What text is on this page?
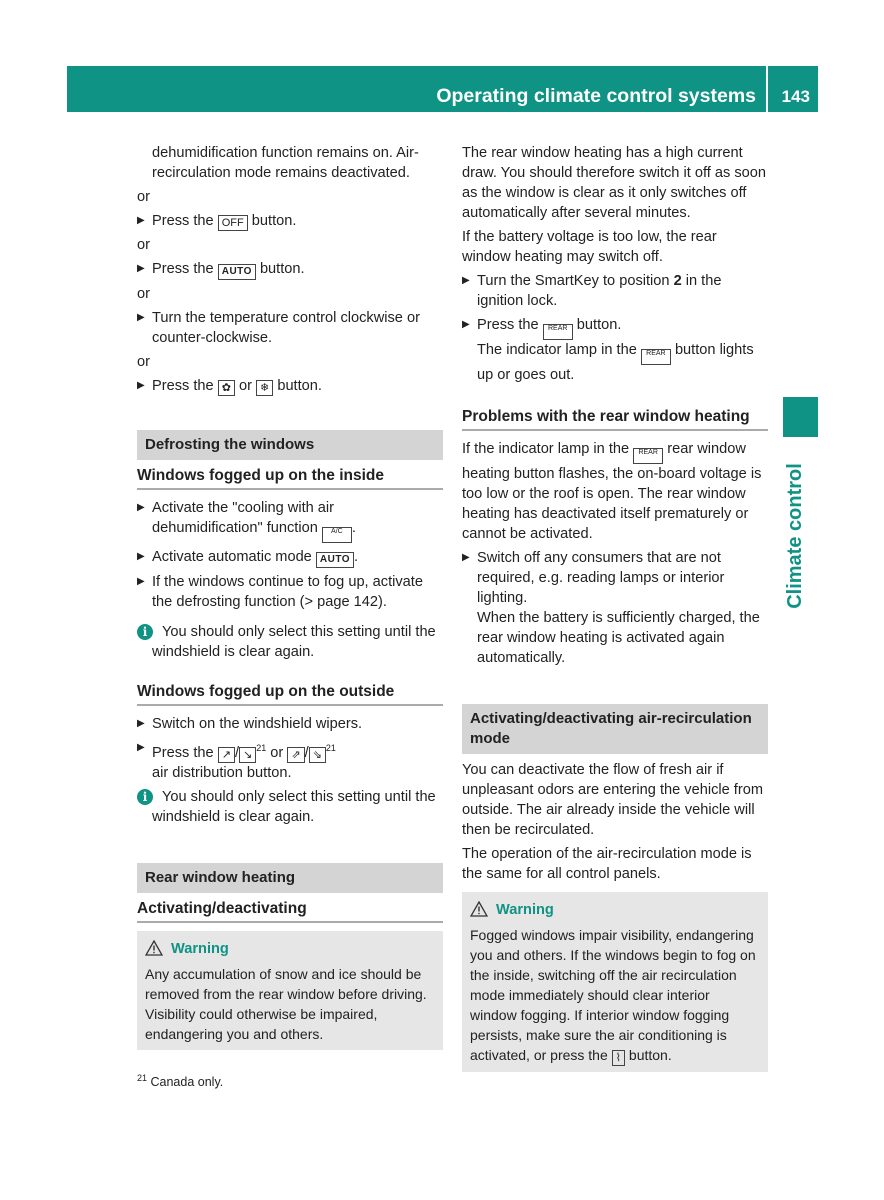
Operating climate control systems 143
Climate control

dehumidification function remains on. Air-recirculation mode remains deactivated.

or

▶ Press the OFF button.

or

▶ Press the AUTO button.

or

▶ Turn the temperature control clockwise or counter-clockwise.

or

▶ Press the ✿ or ❄ button.
Defrosting the windows
Windows fogged up on the inside
▶ Activate the "cooling with air dehumidification" function A/C .
▶ Activate automatic mode AUTO .
▶ If the windows continue to fog up, activate the defrosting function (> page 142).
i	You should only select this setting until the windshield is clear again.
Windows fogged up on the outside
▶ Switch on the windshield wipers.
▶ Press the ↗ / ↘$^{21}$ or ⇗ / ⇘$^{21}$
air distribution button.
i	You should only select this setting until the windshield is clear again.
Rear window heating
Activating/deactivating
Warning
Any accumulation of snow and ice should be removed from the rear window before driving. Visibility could otherwise be impaired, endangering you and others.
$^{21}$ Canada only.

The rear window heating has a high current draw. You should therefore switch it off as soon as the window is clear as it only switches off automatically after several minutes.

If the battery voltage is too low, the rear window heating may switch off.

▶ Turn the SmartKey to position 2 in the ignition lock.
▶ Press the REAR button.
The indicator lamp in the REAR button lights up or goes out.
Problems with the rear window heating

If the indicator lamp in the REAR rear window heating button flashes, the on-board voltage is too low or the roof is open. The rear window heating has deactivated itself prematurely or cannot be activated.

▶ Switch off any consumers that are not required, e.g. reading lamps or interior lighting.
When the battery is sufficiently charged, the rear window heating is activated again automatically.
Activating/deactivating air-recirculation mode

You can deactivate the flow of fresh air if unpleasant odors are entering the vehicle from outside. The air already inside the vehicle will then be recirculated.

The operation of the air-recirculation mode is the same for all control panels.

Warning
Fogged windows impair visibility, endangering you and others. If the windows begin to fog on the inside, switching off the air recirculation mode immediately should clear interior window fogging. If interior window fogging persists, make sure the air conditioning is activated, or press the ⌇ button.
